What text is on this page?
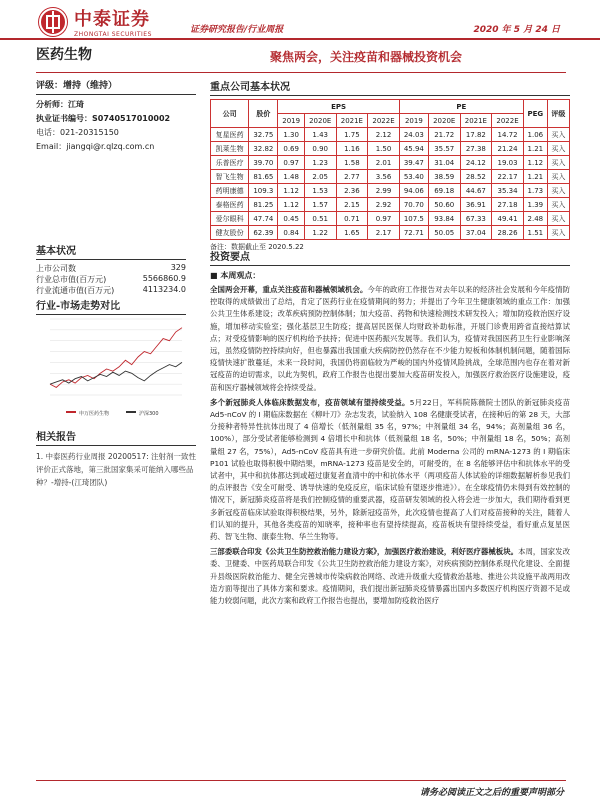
中泰证券
ZHONGTAI SECURITIES	证券研究报告/行业周报	2020 年 5 月 24 日
医药生物	聚焦两会，关注疫苗和器械投资机会
评级：增持（维持）
分析师：江琦
执业证书编号：S0740517010002
电话：021-20315150
Email：jiangqi@r.qlzq.com.cn
基本状况
上市公司数	329
行业总市值(百万元)	5566860.9
行业流通市值(百万元)	4113234.0
行业-市场走势对比
申万医药生物	沪深300
相关报告
1. 中泰医药行业周报 20200517: 注射剂一致性评价正式落地，第三批国家集采可能纳入哪些品种？-增持-(江琦团队)
重点公司基本状况
公司	股价	EPS				PE				PEG	评级
		2019	2020E	2021E	2022E	2019	2020E	2021E	2022E		
复星医药	32.75	1.30	1.43	1.75	2.12	24.03	21.72	17.82	14.72	1.06	买入
凯莱生物	32.82	0.69	0.90	1.16	1.50	45.94	35.57	27.38	21.24	1.21	买入
乐普医疗	39.70	0.97	1.23	1.58	2.01	39.47	31.04	24.12	19.03	1.12	买入
智飞生物	81.65	1.48	2.05	2.77	3.56	53.40	38.59	28.52	22.17	1.21	买入
药明康德	109.3	1.12	1.53	2.36	2.99	94.06	69.18	44.67	35.34	1.73	买入
泰格医药	81.25	1.12	1.57	2.15	2.92	70.70	50.60	36.91	27.18	1.39	买入
爱尔眼科	47.74	0.45	0.51	0.71	0.97	107.5	93.84	67.33	49.41	2.48	买入
健友股份	62.39	0.84	1.22	1.65	2.17	72.71	50.05	37.04	28.26	1.51	买入
备注：数据截止至 2020.5.22
投资要点
■ 本周观点：
全国两会开幕，重点关注疫苗和器械领域机会。今年的政府工作报告对去年以来的经济社会发展和今年疫情防控取得的成绩做出了总结，肯定了医药行业在疫情期间的努力；并提出了今年卫生健康领域的重点工作：加强公共卫生体系建设；改革疾病预防控制体制；加大疫苗、药物和快速检测技术研发投入；增加防疫救治医疗设施，增加移动实验室；强化基层卫生防疫；提高居民医保人均财政补助标准，开展门诊费用跨省直接结算试点；对受疫情影响的医疗机构给予扶持；促进中医药振兴发展等。我们认为，疫情对我国医药卫生行业影响深远，虽然疫情防控持续向好，但也暴露出我国重大疾病防控仍然存在不少能力短板和体制机制问题，随着国际疫情快速扩散蔓延，未来一段时间，我国仍将面临较为严峻的国内外疫情风险挑战，全球范围内也存在着对新冠疫苗的迫切需求，以此为契机，政府工作报告也提出要加大疫苗研发投入，加强医疗救治医疗设施建设，疫苗和医疗器械领域将会持续受益。
多个新冠肺炎人体临床数据发布，疫苗领域有望持续受益。5月22日，军科院陈薇院士团队的新冠肺炎疫苗 Ad5-nCoV 的 I 期临床数据在《柳叶刀》杂志发表，试验纳入 108 名健康受试者，在接种后的第 28 天，大部分接种者特异性抗体出现了 4 倍增长（低剂量组 35 名，97%；中剂量组 34 名，94%；高剂量组 36 名，100%），部分受试者能够检测到 4 倍增长中和抗体（低剂量组 18 名，50%；中剂量组 18 名，50%；高剂量组 27 名，75%），Ad5-nCoV 疫苗具有进一步研究价值。此前 Moderna 公司的 mRNA-1273 的 I 期临床 P101 试验也取得积极中期结果，mRNA-1273 疫苗是安全的，可耐受的，在 8 名能够评估中和抗体水平的受试者中，其中和抗体都达到或超过康复者血清中的中和抗体水平（两项疫苗人体试验的详细数据解析参见我们的点评报告《安全可耐受、诱导快速的免疫反应，临床试验有望逐步推进》）。在全球疫情仍未得到有效控制的情况下，新冠肺炎疫苗将是我们控制疫情的重要武器，疫苗研发领域的投入将会进一步加大，我们期待看到更多新冠疫苗临床试验取得积极结果，另外，除新冠疫苗外，此次疫情也提高了人们对疫苗接种的关注，随着人们认知的提升，其他各类疫苗的知晓率，接种率也有望持续提高，疫苗板块有望持续受益，看好重点复星医药、智飞生物、康泰生物、华兰生物等。
三部委联合印发《公共卫生防控救治能力建设方案》，加强医疗救治建设，利好医疗器械板块。本周，国家发改委、卫健委、中医药局联合印发《公共卫生防控救治能力建设方案》，对疾病预防控制体系现代化建设、全面提升县级医院救治能力、健全完善城市传染病救治网络、改进升级重大疫情救治基地、推进公共设施平战两用改造方面等提出了具体方案和要求。疫情期间，我们提出新冠肺炎疫情暴露出国内多数医疗机构医疗资源不足或能力较弱问题，此次方案和政府工作报告也提出，要增加防疫救治医疗
请务必阅读正文之后的重要声明部分
